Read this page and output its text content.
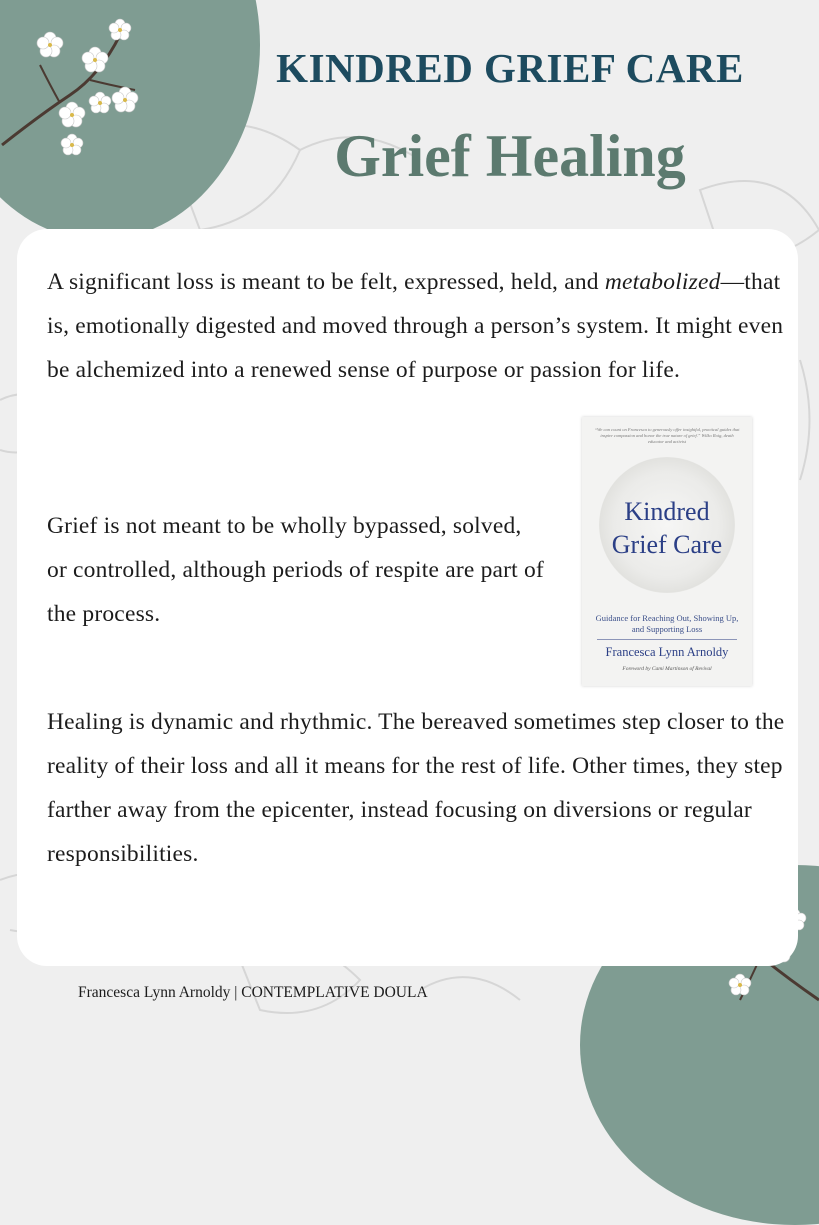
KINDRED GRIEF CARE
Grief Healing

A significant loss is meant to be felt, expressed, held, and metabolized—that is, emotionally digested and moved through a person’s system. It might even be alchemized into a renewed sense of purpose or passion for life.

Grief is not meant to be wholly bypassed, solved, or controlled, although periods of respite are part of the process.

“We can count on Francesca to generously offer insightful, practical guides that inspire compassion and honor the true nature of grief.” Wilko Roig, death educator and activist
Kindred
Grief Care
Guidance for Reaching Out, Showing Up, and Supporting Loss
Francesca Lynn Arnoldy
Foreword by Cami Martinson of Revival

Healing is dynamic and rhythmic. The bereaved sometimes step closer to the reality of their loss and all it means for the rest of life. Other times, they step farther away from the epicenter, instead focusing on diversions or regular responsibilities.

Francesca Lynn Arnoldy | CONTEMPLATIVE DOULA
